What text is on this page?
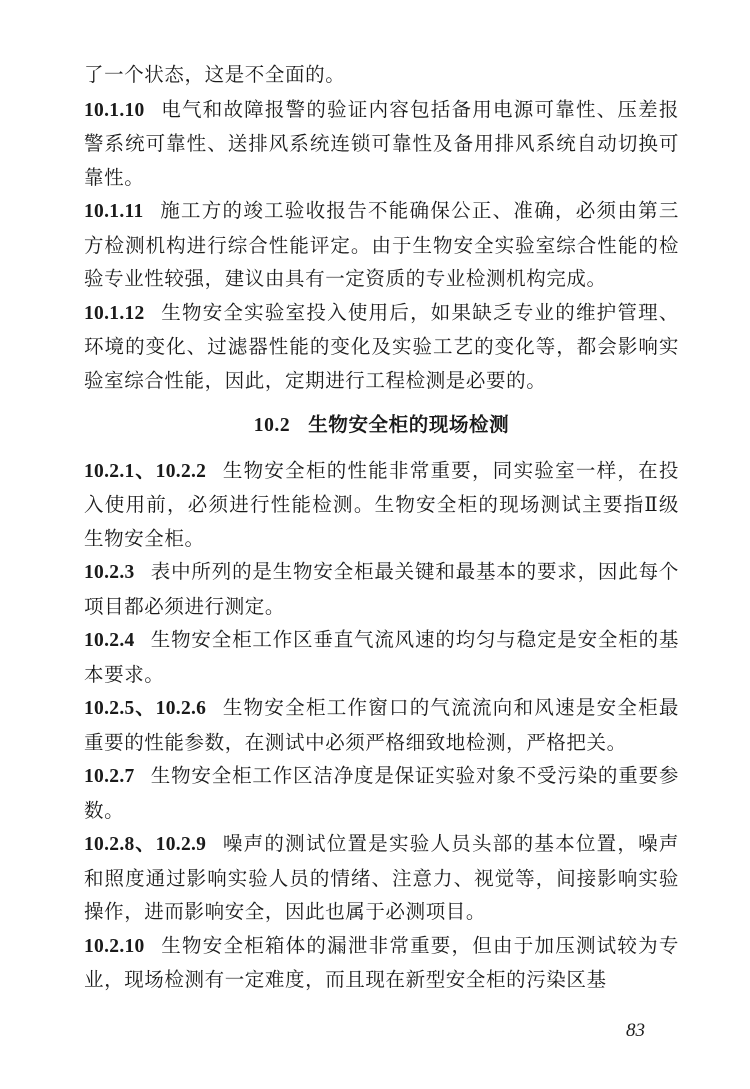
了一个状态，这是不全面的。

10.1.10 电气和故障报警的验证内容包括备用电源可靠性、压差报警系统可靠性、送排风系统连锁可靠性及备用排风系统自动切换可靠性。

10.1.11 施工方的竣工验收报告不能确保公正、准确，必须由第三方检测机构进行综合性能评定。由于生物安全实验室综合性能的检验专业性较强，建议由具有一定资质的专业检测机构完成。

10.1.12 生物安全实验室投入使用后，如果缺乏专业的维护管理、环境的变化、过滤器性能的变化及实验工艺的变化等，都会影响实验室综合性能，因此，定期进行工程检测是必要的。

10.2 生物安全柜的现场检测

10.2.1、10.2.2 生物安全柜的性能非常重要，同实验室一样，在投入使用前，必须进行性能检测。生物安全柜的现场测试主要指Ⅱ级生物安全柜。

10.2.3 表中所列的是生物安全柜最关键和最基本的要求，因此每个项目都必须进行测定。

10.2.4 生物安全柜工作区垂直气流风速的均匀与稳定是安全柜的基本要求。

10.2.5、10.2.6 生物安全柜工作窗口的气流流向和风速是安全柜最重要的性能参数，在测试中必须严格细致地检测，严格把关。

10.2.7 生物安全柜工作区洁净度是保证实验对象不受污染的重要参数。

10.2.8、10.2.9 噪声的测试位置是实验人员头部的基本位置，噪声和照度通过影响实验人员的情绪、注意力、视觉等，间接影响实验操作，进而影响安全，因此也属于必测项目。

10.2.10 生物安全柜箱体的漏泄非常重要，但由于加压测试较为专业，现场检测有一定难度，而且现在新型安全柜的污染区基

83
